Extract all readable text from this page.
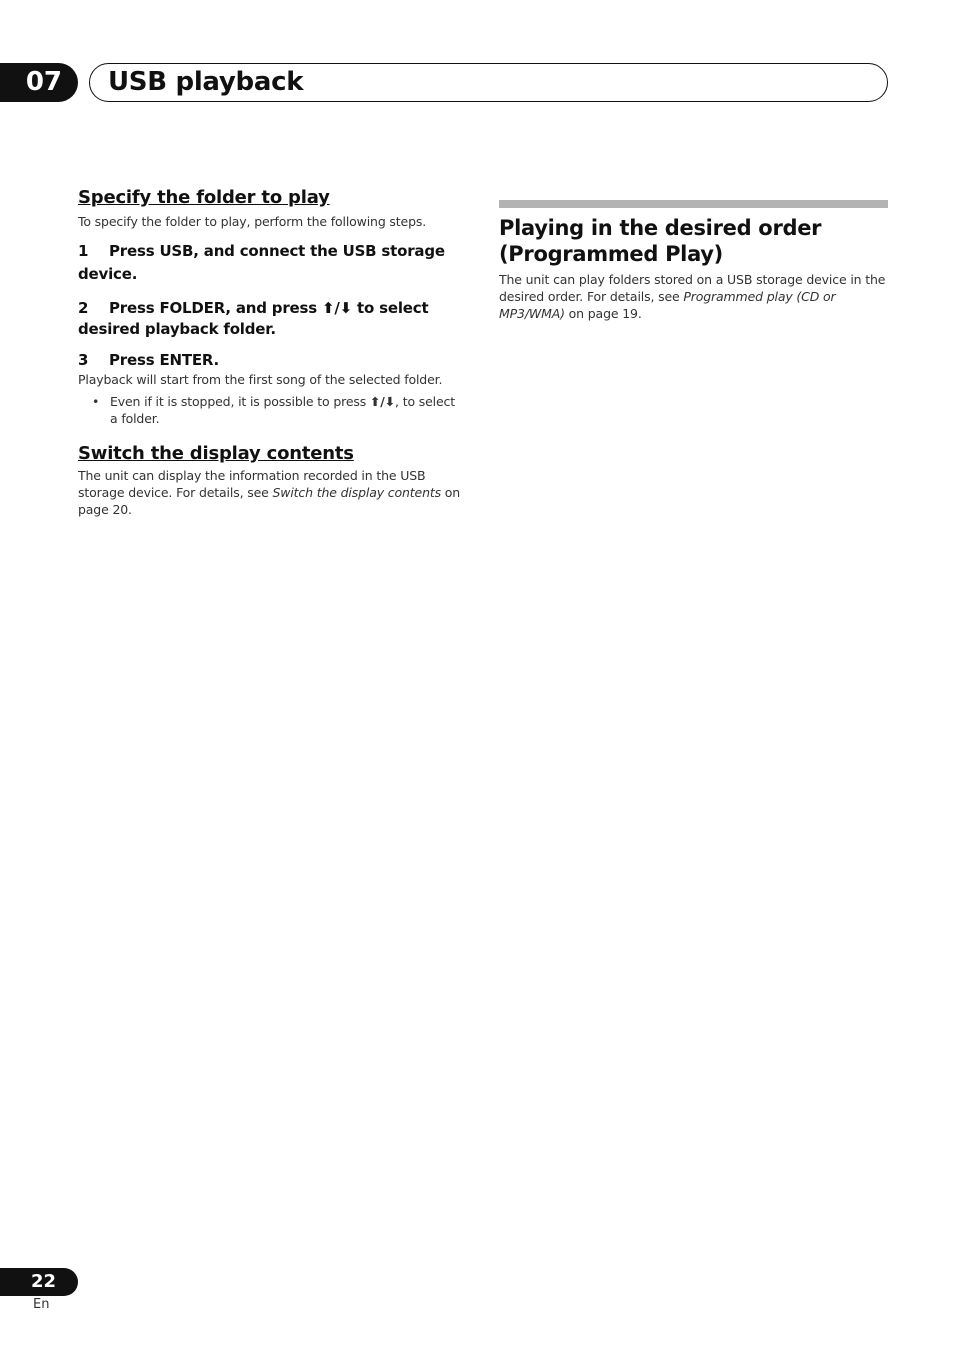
07	USB playback
Specify the folder to play

To specify the folder to play, perform the following steps.

1 Press USB, and connect the USB storage device.

2 Press FOLDER, and press ⬆/⬇ to select desired playback folder.

3 Press ENTER.

Playback will start from the first song of the selected folder.

• Even if it is stopped, it is possible to press ⬆/⬇, to select a folder.
Switch the display contents

The unit can display the information recorded in the USB storage device. For details, see Switch the display contents on page 20.

Playing in the desired order (Programmed Play)

The unit can play folders stored on a USB storage device in the desired order. For details, see Programmed play (CD or MP3/WMA) on page 19.

22
En
